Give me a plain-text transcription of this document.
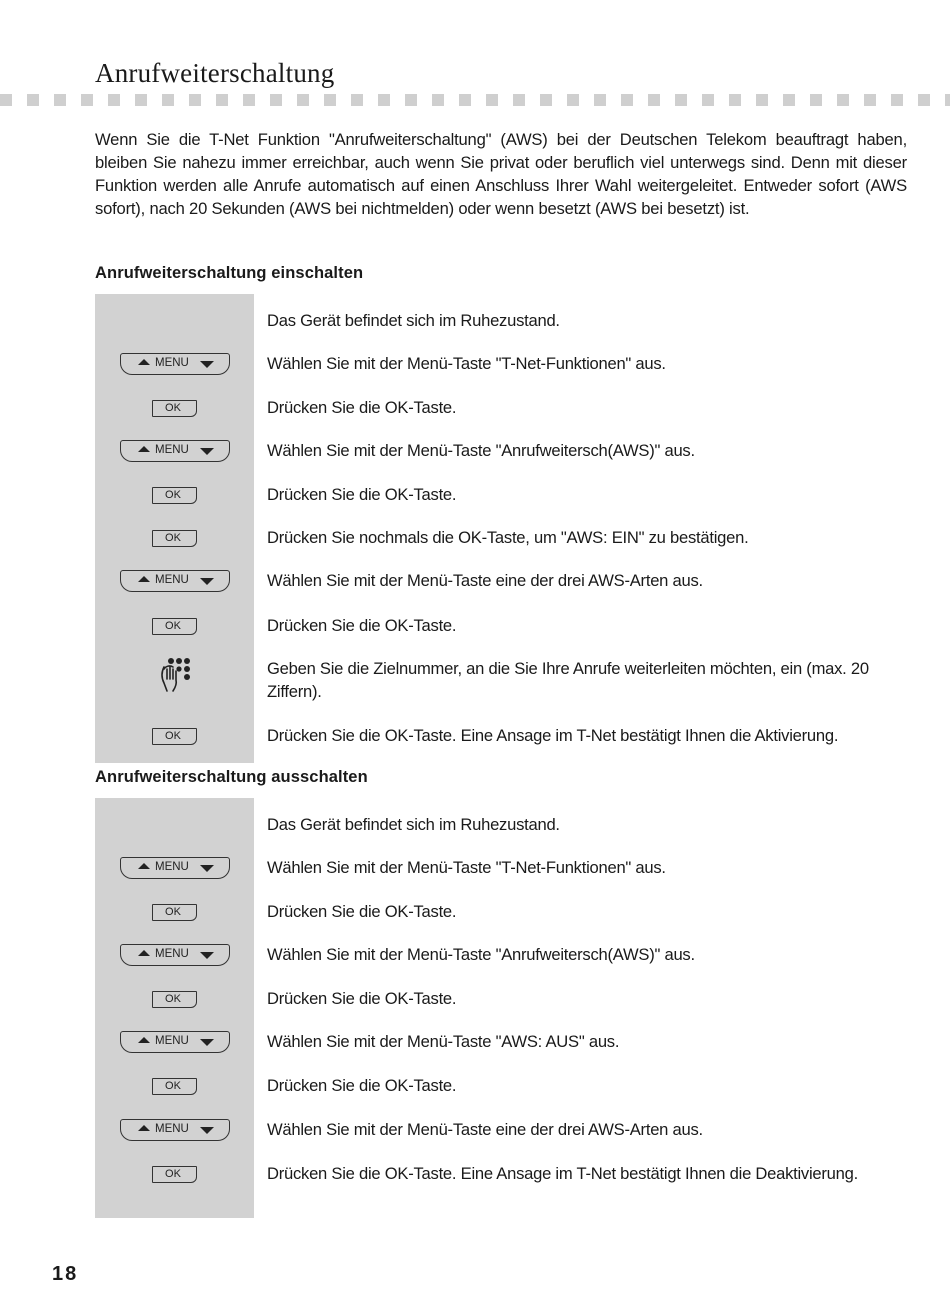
Anrufweiterschaltung

Wenn Sie die T-Net Funktion "Anrufweiterschaltung" (AWS) bei der Deutschen Telekom beauftragt haben, bleiben Sie nahezu immer erreichbar, auch wenn Sie privat oder beruflich viel unterwegs sind. Denn mit dieser Funktion werden alle Anrufe automatisch auf einen Anschluss Ihrer Wahl weitergeleitet. Entweder sofort (AWS sofort), nach 20 Sekunden (AWS bei nichtmelden) oder wenn besetzt (AWS bei besetzt) ist.

Anrufweiterschaltung einschalten

Das Gerät befindet sich im Ruhezustand.

MENU	Wählen Sie mit der Menü-Taste "T-Net-Funktionen" aus.

OK	Drücken Sie die OK-Taste.

MENU	Wählen Sie mit der Menü-Taste "Anrufweitersch(AWS)" aus.

OK	Drücken Sie die OK-Taste.

OK	Drücken Sie nochmals die OK-Taste, um "AWS: EIN" zu bestätigen.

MENU	Wählen Sie mit der Menü-Taste eine der drei AWS-Arten aus.

OK	Drücken Sie die OK-Taste.

Geben Sie die Zielnummer, an die Sie Ihre Anrufe weiterleiten möchten, ein (max. 20 Ziffern).

OK	Drücken Sie die OK-Taste. Eine Ansage im T-Net bestätigt Ihnen die Aktivierung.

Anrufweiterschaltung ausschalten

Das Gerät befindet sich im Ruhezustand.

MENU	Wählen Sie mit der Menü-Taste "T-Net-Funktionen" aus.

OK	Drücken Sie die OK-Taste.

MENU	Wählen Sie mit der Menü-Taste "Anrufweitersch(AWS)" aus.

OK	Drücken Sie die OK-Taste.

MENU	Wählen Sie mit der Menü-Taste "AWS: AUS" aus.

OK	Drücken Sie die OK-Taste.

MENU	Wählen Sie mit der Menü-Taste eine der drei AWS-Arten aus.

OK	Drücken Sie die OK-Taste. Eine Ansage im T-Net bestätigt Ihnen die Deaktivierung.

18
